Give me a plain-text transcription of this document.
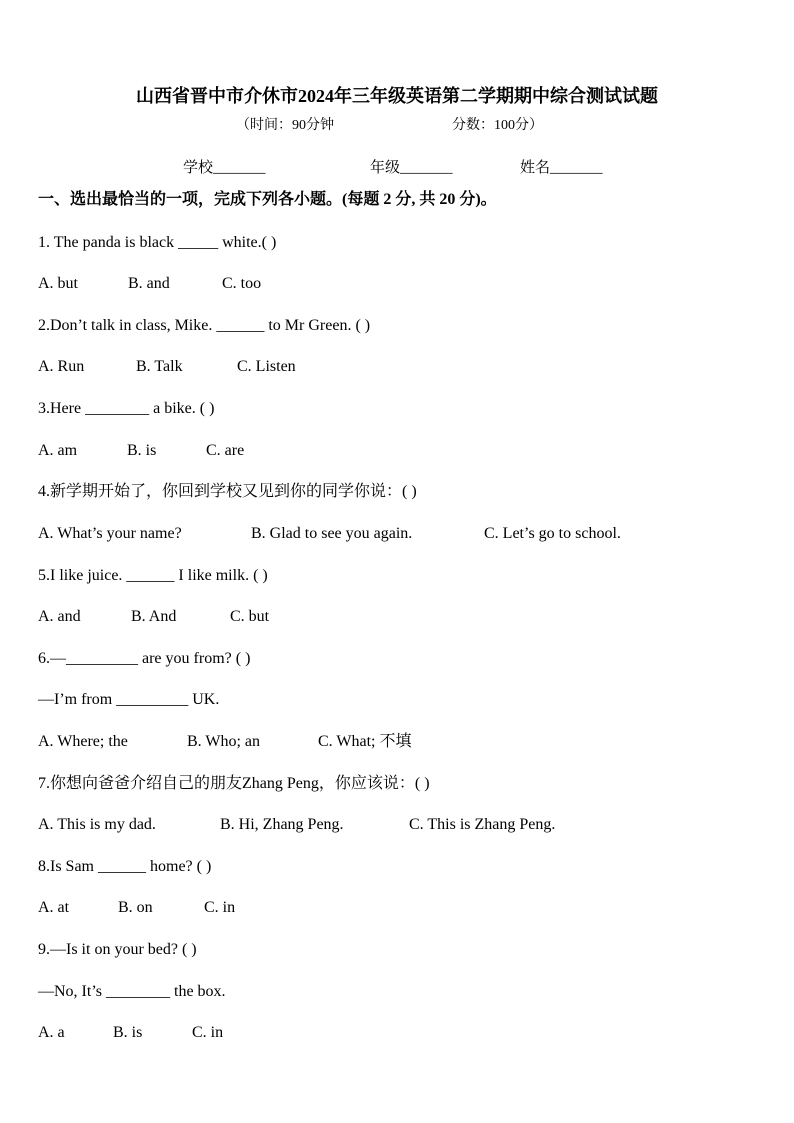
山西省晋中市介休市2024年三年级英语第二学期期中综合测试试题
（时间：90分钟	分数：100分）
学校_______	年级_______	姓名_______
一、选出最恰当的一项，完成下列各小题。(每题 2 分, 共 20 分)。
1. The panda is black _____ white.( )
A. but	B. and	C. too
2.Don’t talk in class, Mike. ______ to Mr Green. ( )
A. Run	B. Talk	C. Listen
3.Here ________ a bike. ( )
A. am	B. is	C. are
4.新学期开始了，你回到学校又见到你的同学你说：( )
A. What’s your name?	B. Glad to see you again.	C. Let’s go to school.
5.I like juice. ______ I like milk. ( )
A. and	B. And	C. but
6.—_________ are you from? ( )
—I’m from _________ UK.
A. Where; the	B. Who; an	C. What; 不填
7.你想向爸爸介绍自己的朋友Zhang Peng，你应该说：( )
A. This is my dad.	B. Hi, Zhang Peng.	C. This is Zhang Peng.
8.Is Sam ______ home? ( )
A. at	B. on	C. in
9.—Is it on your bed? ( )
—No, It’s ________ the box.
A. a	B. is	C. in
